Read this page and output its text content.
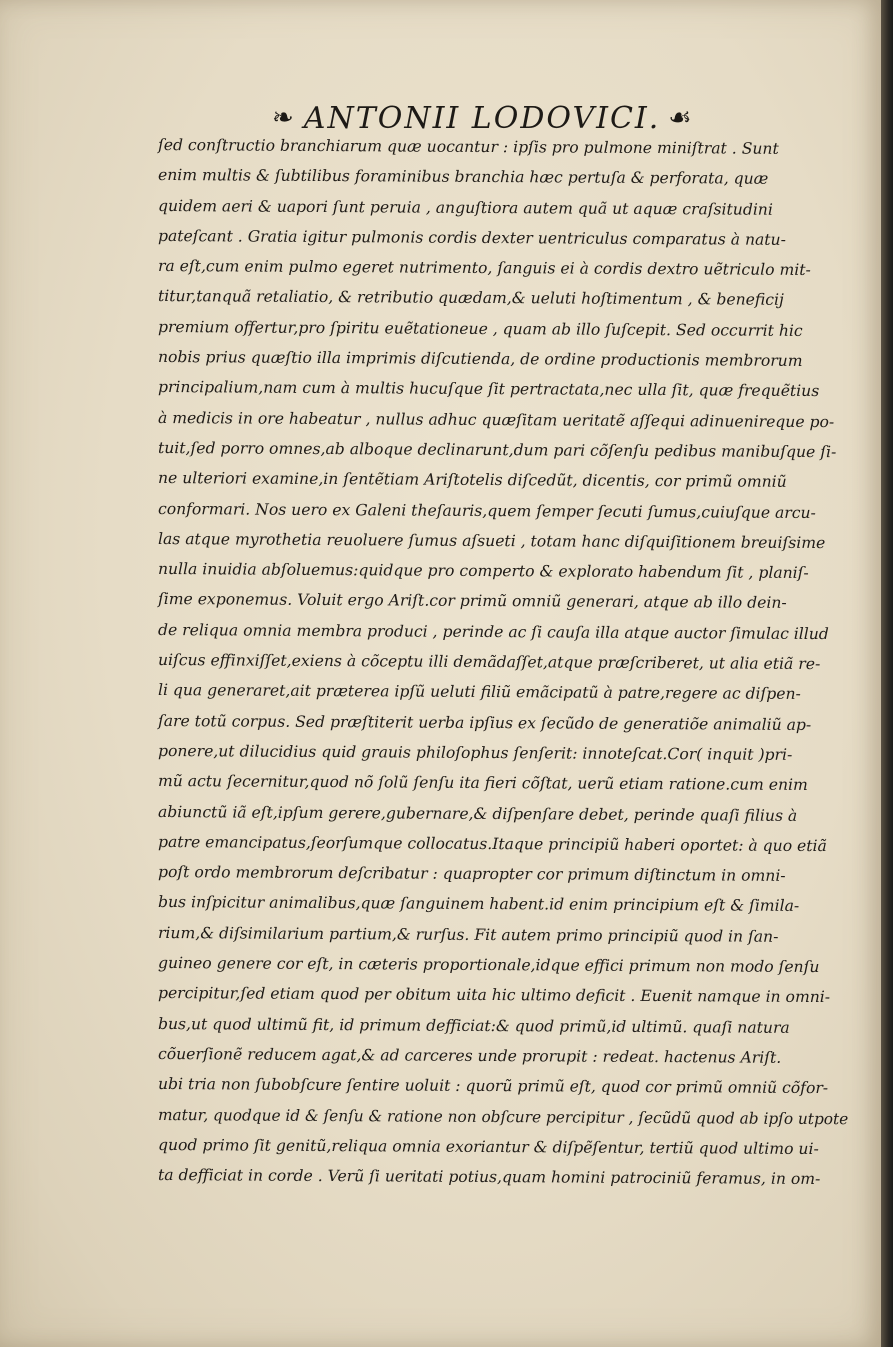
❧ ANTONII LODOVICI. ☙
ſed conſtructio branchiarum quæ uocantur : ipſis pro pulmone miniſtrat . Sunt
enim multis & ſubtilibus foraminibus branchia hæc pertuſa & perforata, quæ
quidem aeri & uapori ſunt peruia , anguſtiora autem quã ut aquæ craſsitudini
pateſcant . Gratia igitur pulmonis cordis dexter uentriculus comparatus à natu-
ra eſt,cum enim pulmo egeret nutrimento, ſanguis ei à cordis dextro uẽtriculo mit-
titur,tanquã retaliatio, & retributio quædam,& ueluti hoſtimentum , & beneficij
premium offertur,pro ſpiritu euẽtationeue , quam ab illo ſuſcepit. Sed occurrit hic
nobis prius quæſtio illa imprimis diſcutienda, de ordine productionis membrorum
principalium,nam cum à multis hucuſque ſit pertractata,nec ulla ſit, quæ frequẽtius
à medicis in ore habeatur , nullus adhuc quæſitam ueritatẽ aſſequi adinuenireque po-
tuit,ſed porro omnes,ab alboque declinarunt,dum pari cõſenſu pedibus manibuſque ſi-
ne ulteriori examine,in ſentẽtiam Ariſtotelis diſcedũt, dicentis, cor primũ omniũ
conformari. Nos uero ex Galeni theſauris,quem ſemper ſecuti ſumus,cuiuſque arcu-
las atque myrothetia reuoluere ſumus aſsueti , totam hanc diſquiſitionem breuiſsime
nulla inuidia abſoluemus:quidque pro comperto & explorato habendum ſit , planiſ-
ſime exponemus. Voluit ergo Ariſt.cor primũ omniũ generari, atque ab illo dein-
de reliqua omnia membra produci , perinde ac ſi cauſa illa atque auctor ſimulac illud
uiſcus effinxiſſet,exiens à cõceptu illi demãdaſſet,atque præſcriberet, ut alia etiã re-
li qua generaret,ait præterea ipſũ ueluti filiũ emãcipatũ à patre,regere ac diſpen-
ſare totũ corpus. Sed præſtiterit uerba ipſius ex ſecũdo de generatiõe animaliũ ap-
ponere,ut dilucidius quid grauis philoſophus ſenſerit: innoteſcat.Cor( inquit )pri-
mũ actu ſecernitur,quod nõ ſolũ ſenſu ita fieri cõſtat, uerũ etiam ratione.cum enim
abiunctũ iã eſt,ipſum gerere,gubernare,& diſpenſare debet, perinde quaſi filius à
patre emancipatus,ſeorſumque collocatus.Itaque principiũ haberi oportet: à quo etiã
poſt ordo membrorum deſcribatur : quapropter cor primum diſtinctum in omni-
bus inſpicitur animalibus,quæ ſanguinem habent.id enim principium eſt & ſimila-
rium,& diſsimilarium partium,& rurſus. Fit autem primo principiũ quod in ſan-
guineo genere cor eſt, in cæteris proportionale,idque effici primum non modo ſenſu
percipitur,ſed etiam quod per obitum uita hic ultimo deficit . Euenit namque in omni-
bus,ut quod ultimũ fit, id primum defficiat:& quod primũ,id ultimũ. quaſi natura
cõuerſionẽ reducem agat,& ad carceres unde prorupit : redeat. hactenus Ariſt.
ubi tria non ſubobſcure ſentire uoluit : quorũ primũ eſt, quod cor primũ omniũ cõfor-
matur, quodque id & ſenſu & ratione non obſcure percipitur , ſecũdũ quod ab ipſo utpote
quod primo ſit genitũ,reliqua omnia exoriantur & diſpẽſentur, tertiũ quod ultimo ui-
ta defficiat in corde . Verũ ſi ueritati potius,quam homini patrociniũ feramus, in om-
